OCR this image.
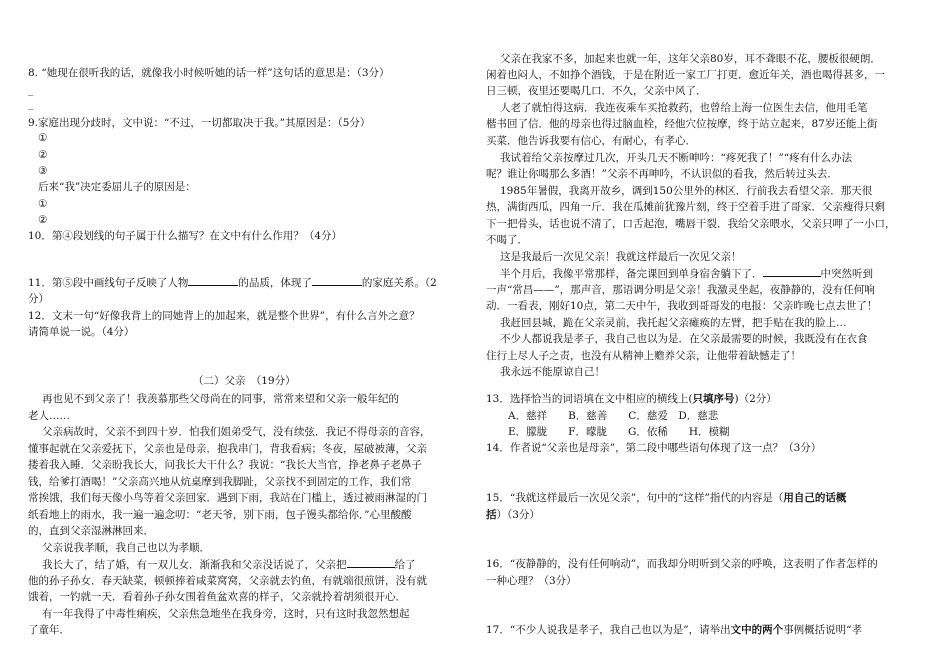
8. “她现在很听我的话，就像我小时候听她的话一样”这句话的意思是：（3分）
_
_
9.家庭出现分歧时，文中说：“不过，一切都取决于我。”其原因是：（5分）
①
②
③
后来“我”决定委屈儿子的原因是：
①
②
10．第④段划线的句子属于什么描写？在文中有什么作用？（4分）
11．第⑤段中画线句子反映了人物	的品质，体现了	的家庭关系。（2
分）
12．文末一句“好像我背上的同她背上的加起来，就是整个世界”，有什么言外之意？
请简单说一说。（4分）
（二）父亲　（19分）
再也见不到父亲了！我羡慕那些父母尚在的同事，常常来望和父亲一般年纪的
老人……
父亲病故时，父亲不到四十岁．怕我们姐弟受气，没有续弦．我记不得母亲的音容，
懂事起就在父亲爱抚下，父亲也是母亲．抱我串门，背我看病；冬夜，屋破被薄，父亲
搂着我入睡．父亲盼我长大，问我长大干什么？我说：“我长大当官，挣老鼻子老鼻子
钱，给爹打酒喝！”父亲高兴地从炕桌摩到我脚趾，父亲找不到固定的工作，我们常
常挨饿，我们每天像小鸟等着父亲回家．遇到下雨，我站在门槛上，透过被雨淋湿的门
纸看地上的雨水，我一遍一遍念叨：“老天爷，别下雨，包子馒头都给你．”心里酸酸
的，直到父亲湿淋淋回来．
父亲说我孝顺，我自己也以为孝顺．
我长大了，结了婚，有一双儿女．渐渐我和父亲没话说了，父亲把	给了
他的孙子孙女．春天缺菜，顿顿捧着咸菜窝窝，父亲就去钓鱼，有就端很煎饼，没有就
饿着，一钓就一天．看着孙子孙女围着鱼盆欢喜的样子，父亲就拎着胡须很开心．
有一年我得了中毒性痢疾，父亲焦急地坐在我身旁，这时，只有这时我忽然想起
了童年．
父亲在我家不多，加起来也就一年，这年父亲80岁，耳不聋眼不花，腰板很硬朗．
闲着也闷人，不如挣个酒钱，于是在附近一家工厂打更．愈近年关，酒也喝得甚多，一
日三顿，夜里还要喝几口．不久，父亲中风了．
人老了就怕得这病．我连夜乘车买抢救药，也曾给上海一位医生去信，他用毛笔
楷书回了信．他的母亲也得过脑血栓，经他穴位按摩，终于站立起来，87岁还能上街
买菜．他告诉我要有信心，有耐心，有孝心．
我试着给父亲按摩过几次，开头几天不断呻吟：“疼死我了！”“疼有什么办法
呢？谁让你喝那么多酒！”父亲不再呻吟，不认识似的看我，然后转过头去．
1985年暑假，我离开故乡，调到150公里外的林区．行前我去看望父亲．那天很
热，满街西瓜，四角一斤．我在瓜摊前犹豫片刻，终于空着手进了哥家．父亲瘦得只剩
下一把骨头，话也说不清了，口舌起泡，嘴唇干裂．我给父亲喂水，父亲只呷了一小口，
不喝了．
这是我最后一次见父亲！我就这样最后一次见父亲！
半个月后，我像平常那样，备完课回到单身宿舍躺下了．	中突然听到
一声“常昌——”，那声音，那语调分明是父亲！我激灵坐起，夜静静的，没有任何响
动．一看表，刚好10点，第二天中午，我收到哥哥发的电报：父亲昨晚七点去世了！
我赶回县城，跪在父亲灵前，我托起父亲瘫痪的左臂，把手贴在我的脸上…
不少人都说我是孝子，我自己也以为是．在父亲最需要的时候，我既没有在衣食
住行上尽人子之责，也没有从精神上赡养父亲，让他带着缺憾走了！
我永远不能原谅自己！
13．选择恰当的词语填在文中相应的横线上(只填序号)（2分）
A．慈祥　　B．慈善　　C．慈爱　D．慈悲
E．朦胧　　F．曚胧　　G．依稀　　H．模糊
14．作者说“父亲也是母亲”，第二段中哪些语句体现了这一点？（3分）
15．“我就这样最后一次见父亲”，句中的“这样”指代的内容是（用自己的话概
括）（3分）
16．“夜静静的，没有任何响动”，而我却分明听到父亲的呼唤，这表明了作者怎样的
一种心理？（3分）
17．“不少人说我是孝子，我自己也以为是”，请举出文中的两个事例概括说明“孝
